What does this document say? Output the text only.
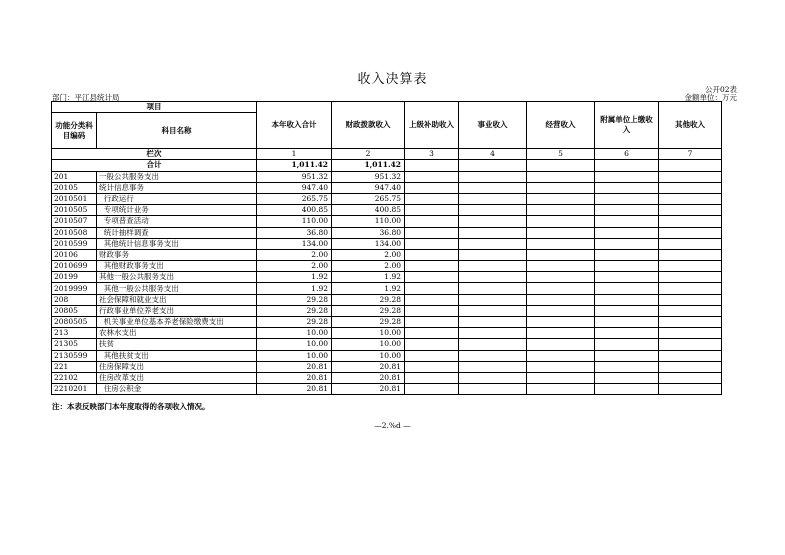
收入决算表
公开02表
部门：平江县统计局	金额单位：万元
项目		本年收入合计	财政拨款收入	上级补助收入	事业收入	经营收入	附属单位上缴收入	其他收入
功能分类科目编码	科目名称							
栏次		1	2	3	4	5	6	7
合计		1,011.42	1,011.42					
201	一般公共服务支出	951.32	951.32					
20105	统计信息事务	947.40	947.40					
2010501	行政运行	265.75	265.75					
2010505	专项统计业务	400.85	400.85					
2010507	专项普查活动	110.00	110.00					
2010508	统计抽样调查	36.80	36.80					
2010599	其他统计信息事务支出	134.00	134.00					
20106	财政事务	2.00	2.00					
2010699	其他财政事务支出	2.00	2.00					
20199	其他一般公共服务支出	1.92	1.92					
2019999	其他一般公共服务支出	1.92	1.92					
208	社会保障和就业支出	29.28	29.28					
20805	行政事业单位养老支出	29.28	29.28					
2080505	机关事业单位基本养老保险缴费支出	29.28	29.28					
213	农林水支出	10.00	10.00					
21305	扶贫	10.00	10.00					
2130599	其他扶贫支出	10.00	10.00					
221	住房保障支出	20.81	20.81					
22102	住房改革支出	20.81	20.81					
2210201	住房公积金	20.81	20.81					
注：本表反映部门本年度取得的各项收入情况。
—2.%d —
